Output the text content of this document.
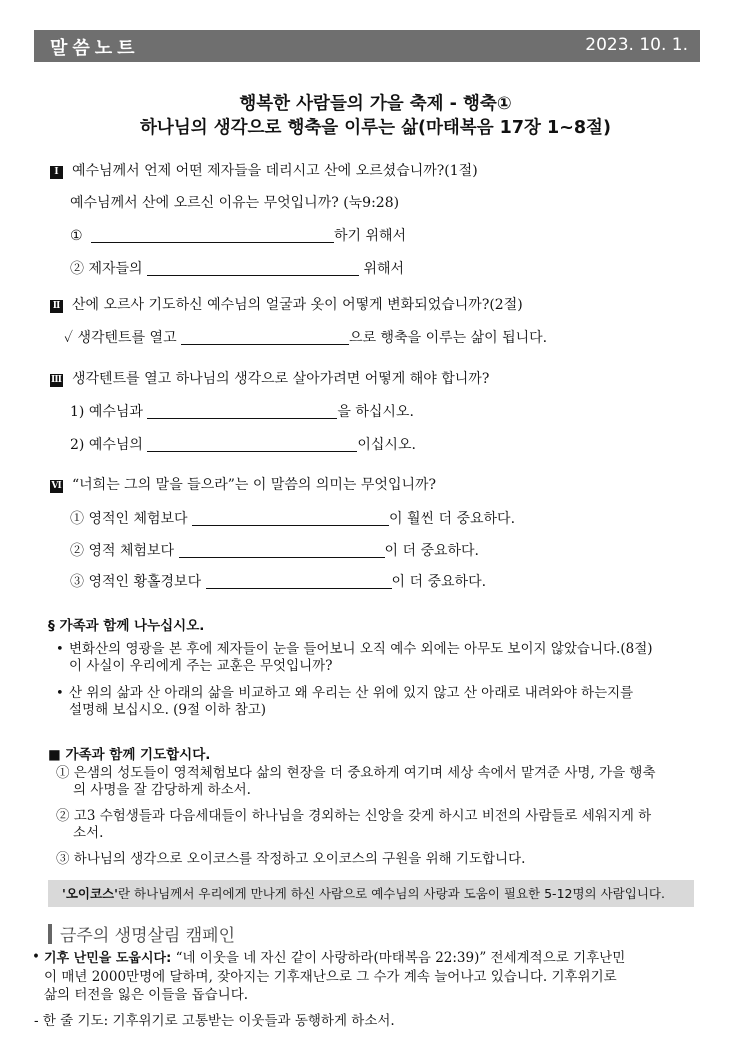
말씀노트	2023. 10. 1.
행복한 사람들의 가을 축제 - 행축①
하나님의 생각으로 행축을 이루는 삶(마태복음 17장 1~8절)
Ⅰ 예수님께서 언제 어떤 제자들을 데리시고 산에 오르셨습니까?(1절)
예수님께서 산에 오르신 이유는 무엇입니까? (눅9:28)
①	하기 위해서
② 제자들의	위해서
Ⅱ 산에 오르사 기도하신 예수님의 얼굴과 옷이 어떻게 변화되었습니까?(2절)
✓ 생각텐트를 열고	으로 행축을 이루는 삶이 됩니다.
Ⅲ 생각텐트를 열고 하나님의 생각으로 살아가려면 어떻게 해야 합니까?
1) 예수님과	을 하십시오.
2) 예수님의	이십시오.
Ⅵ “너희는 그의 말을 들으라”는 이 말씀의 의미는 무엇입니까?
① 영적인 체험보다	이 훨씬 더 중요하다.
② 영적 체험보다	이 더 중요하다.
③ 영적인 황홀경보다	이 더 중요하다.
§ 가족과 함께 나누십시오.
• 변화산의 영광을 본 후에 제자들이 눈을 들어보니 오직 예수 외에는 아무도 보이지 않았습니다.(8절)
이 사실이 우리에게 주는 교훈은 무엇입니까?
• 산 위의 삶과 산 아래의 삶을 비교하고 왜 우리는 산 위에 있지 않고 산 아래로 내려와야 하는지를
설명해 보십시오. (9절 이하 참고)
■ 가족과 함께 기도합시다.
① 은샘의 성도들이 영적체험보다 삶의 현장을 더 중요하게 여기며 세상 속에서 맡겨준 사명, 가을 행축
의 사명을 잘 감당하게 하소서.
② 고3 수험생들과 다음세대들이 하나님을 경외하는 신앙을 갖게 하시고 비전의 사람들로 세워지게 하
소서.
③ 하나님의 생각으로 오이코스를 작정하고 오이코스의 구원을 위해 기도합니다.
'오이코스'란 하나님께서 우리에게 만나게 하신 사람으로 예수님의 사랑과 도움이 필요한 5-12명의 사람입니다.
금주의 생명살림 캠페인
• 기후 난민을 도웁시다: “네 이웃을 네 자신 같이 사랑하라(마태복음 22:39)” 전세계적으로 기후난민
이 매년 2000만명에 달하며, 잦아지는 기후재난으로 그 수가 계속 늘어나고 있습니다. 기후위기로
삶의 터전을 잃은 이들을 돕습니다.
- 한 줄 기도: 기후위기로 고통받는 이웃들과 동행하게 하소서.
